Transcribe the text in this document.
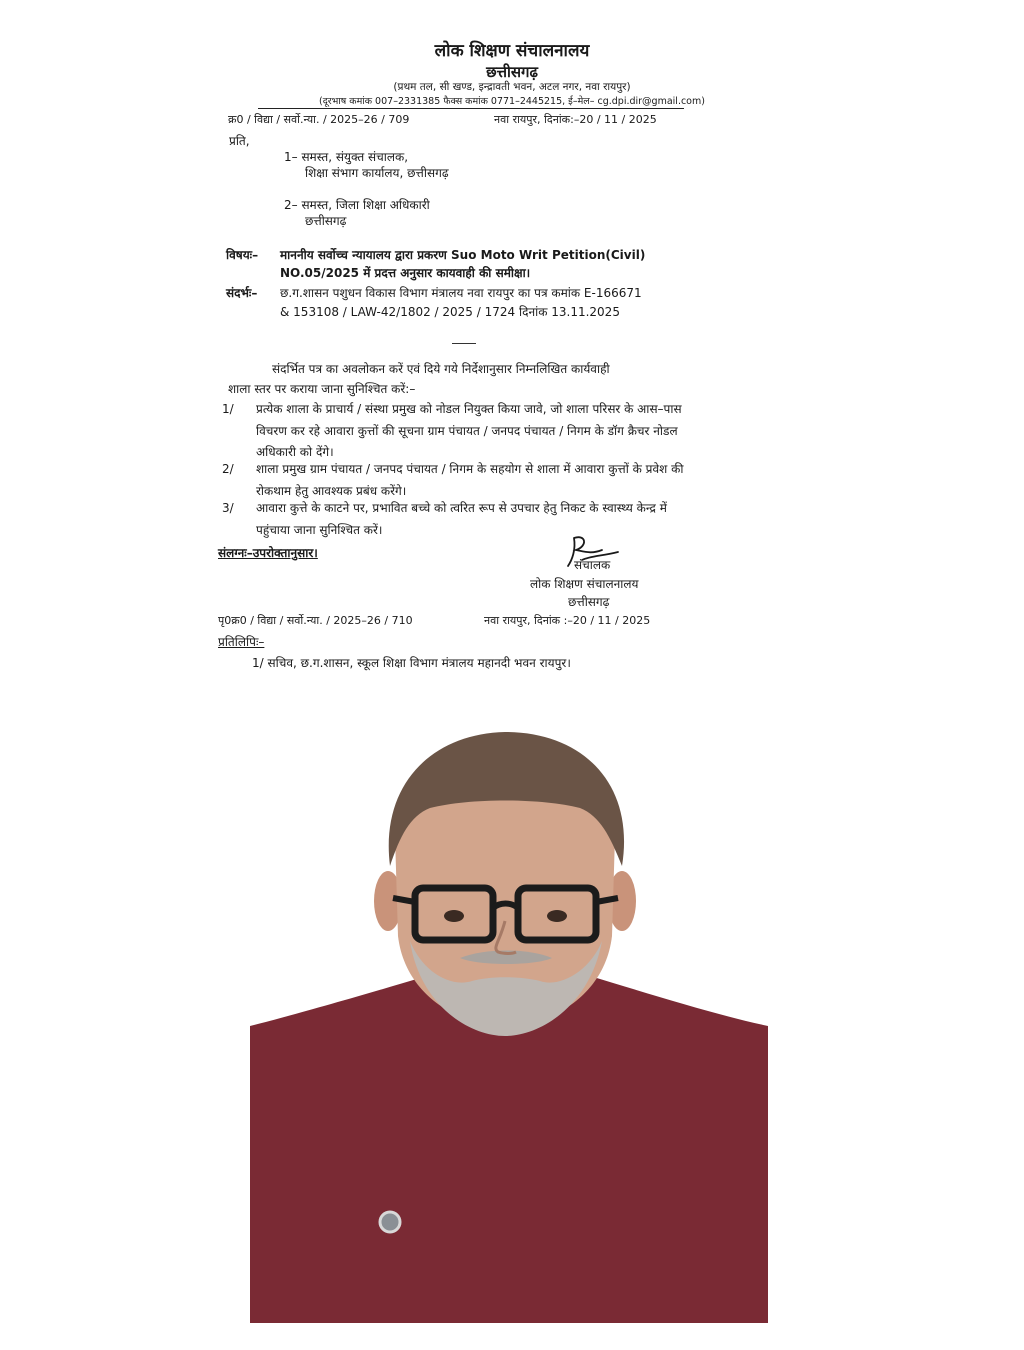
लोक शिक्षण संचालनालय
छत्तीसगढ़
(प्रथम तल, सी खण्ड, इन्द्रावती भवन, अटल नगर, नवा रायपुर)
(दूरभाष कमांक 007–2331385 फैक्स कमांक 0771–2445215, ई–मेल– cg.dpi.dir@gmail.com)
क्र0 / विद्या / सर्वो.न्या. / 2025–26 / 709	नवा रायपुर, दिनांक:–20 / 11 / 2025
प्रति,
1– समस्त, संयुक्त संचालक,
शिक्षा संभाग कार्यालय, छत्तीसगढ़
2– समस्त, जिला शिक्षा अधिकारी
छत्तीसगढ़
विषयः– माननीय सर्वोच्च न्यायालय द्वारा प्रकरण Suo Moto Writ Petition(Civil)
NO.05/2025 में प्रदत्त अनुसार कायवाही की समीक्षा।
संदर्भः– छ.ग.शासन पशुधन विकास विभाग मंत्रालय नवा रायपुर का पत्र कमांक E-166671
& 153108 / LAW-42/1802 / 2025 / 1724 दिनांक 13.11.2025
संदर्भित पत्र का अवलोकन करें एवं दिये गये निर्देशानुसार निम्नलिखित कार्यवाही
शाला स्तर पर कराया जाना सुनिश्चित करें:–
1/ प्रत्येक शाला के प्राचार्य / संस्था प्रमुख को नोडल नियुक्त किया जावे, जो शाला परिसर के आस–पास विचरण कर रहे आवारा कुत्तों की सूचना ग्राम पंचायत / जनपद पंचायत / निगम के डॉग क्रैचर नोडल अधिकारी को देंगे।
2/ शाला प्रमुख ग्राम पंचायत / जनपद पंचायत / निगम के सहयोग से शाला में आवारा कुत्तों के प्रवेश की रोकथाम हेतु आवश्यक प्रबंध करेंगे।
3/ आवारा कुत्ते के काटने पर, प्रभावित बच्चे को त्वरित रूप से उपचार हेतु निकट के स्वास्थ्य केन्द्र में पहुंचाया जाना सुनिश्चित करें।
संलग्नः–उपरोक्तानुसार।
संचालक
लोक शिक्षण संचालनालय
छत्तीसगढ़
पृ0क्र0 / विद्या / सर्वो.न्या. / 2025–26 / 710	नवा रायपुर, दिनांक :–20 / 11 / 2025
प्रतिलिपिः–
1/ सचिव, छ.ग.शासन, स्कूल शिक्षा विभाग मंत्रालय महानदी भवन रायपुर।
